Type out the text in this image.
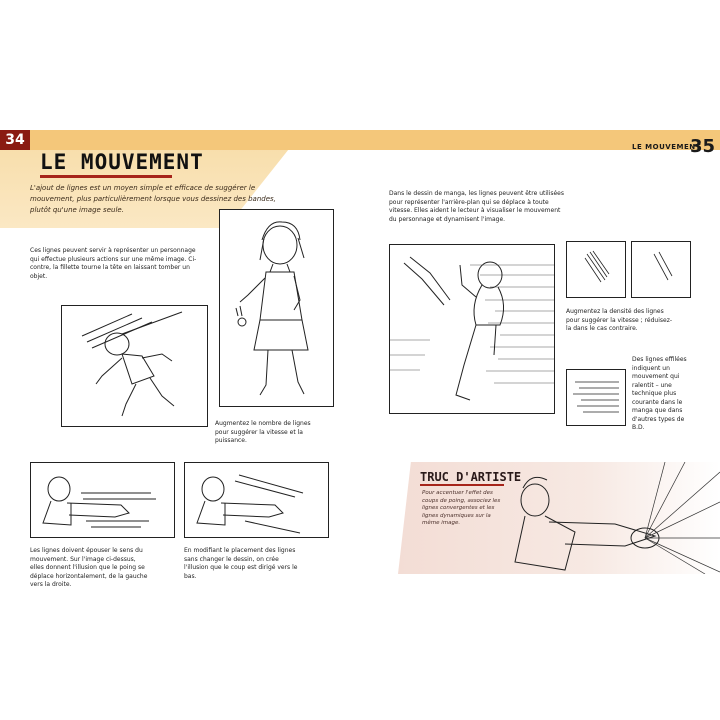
34
LE MOUVEMENT
LE MOUVEMENT
35
L'ajout de lignes est un moyen simple et efficace de suggérer le mouvement, plus particulièrement lorsque vous dessinez des bandes, plutôt qu'une image seule.
Ces lignes peuvent servir à représenter un personnage qui effectue plusieurs actions sur une même image. Ci-contre, la fillette tourne la tête en laissant tomber un objet.
Augmentez le nombre de lignes pour suggérer la vitesse et la puissance.
Les lignes doivent épouser le sens du mouvement. Sur l'image ci-dessus, elles donnent l'illusion que le poing se déplace horizontalement, de la gauche vers la droite.
En modifiant le placement des lignes sans changer le dessin, on crée l'illusion que le coup est dirigé vers le bas.
Dans le dessin de manga, les lignes peuvent être utilisées pour représenter l'arrière-plan qui se déplace à toute vitesse. Elles aident le lecteur à visualiser le mouvement du personnage et dynamisent l'image.
Augmentez la densité des lignes pour suggérer la vitesse ; réduisez-la dans le cas contraire.
Des lignes effilées indiquent un mouvement qui ralentit – une technique plus courante dans le manga que dans d'autres types de B.D.
TRUC D'ARTISTE
Pour accentuer l'effet des coups de poing, associez les lignes convergentes et les lignes dynamiques sur la même image.
